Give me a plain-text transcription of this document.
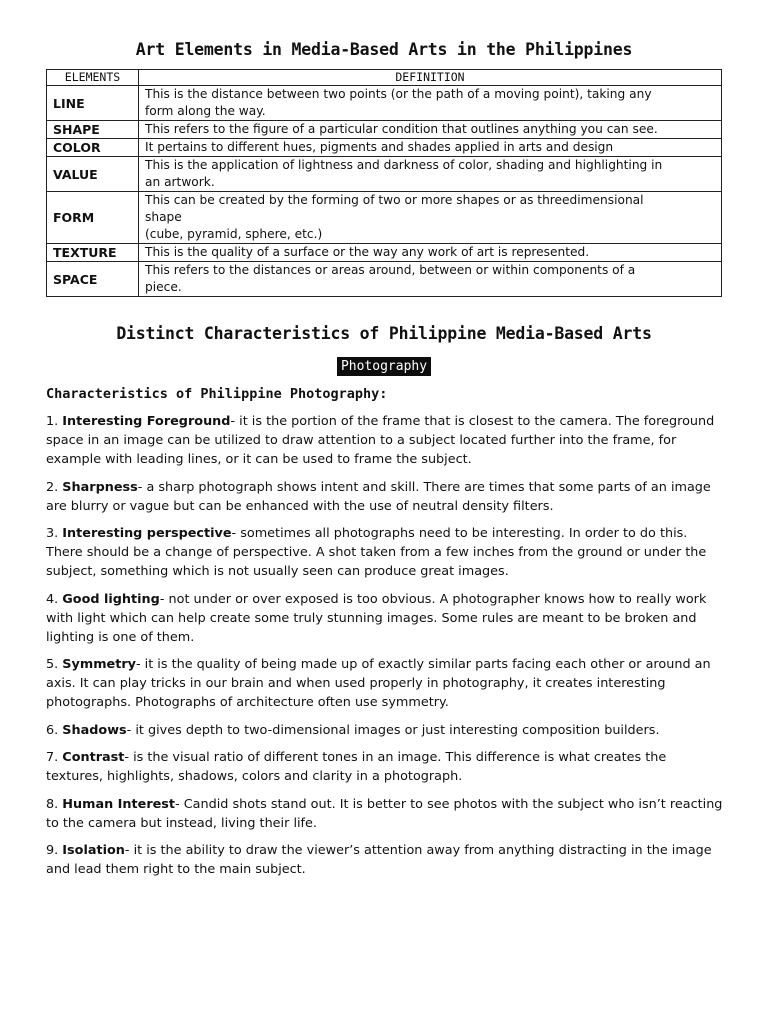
Art Elements in Media-Based Arts in the Philippines
ELEMENTS	DEFINITION
LINE	This is the distance between two points (or the path of a moving point), taking any
form along the way.
SHAPE	This refers to the figure of a particular condition that outlines anything you can see.
COLOR	It pertains to different hues, pigments and shades applied in arts and design
VALUE	This is the application of lightness and darkness of color, shading and highlighting in
an artwork.
FORM	This can be created by the forming of two or more shapes or as threedimensional
shape
(cube, pyramid, sphere, etc.)
TEXTURE	This is the quality of a surface or the way any work of art is represented.
SPACE	This refers to the distances or areas around, between or within components of a
piece.
Distinct Characteristics of Philippine Media-Based Arts
Photography
Characteristics of Philippine Photography:
1. Interesting Foreground- it is the portion of the frame that is closest to the camera. The foreground space in an image can be utilized to draw attention to a subject located further into the frame, for example with leading lines, or it can be used to frame the subject.
2. Sharpness- a sharp photograph shows intent and skill. There are times that some parts of an image are blurry or vague but can be enhanced with the use of neutral density filters.
3. Interesting perspective- sometimes all photographs need to be interesting. In order to do this. There should be a change of perspective. A shot taken from a few inches from the ground or under the subject, something which is not usually seen can produce great images.
4. Good lighting- not under or over exposed is too obvious. A photographer knows how to really work with light which can help create some truly stunning images. Some rules are meant to be broken and lighting is one of them.
5. Symmetry- it is the quality of being made up of exactly similar parts facing each other or around an axis. It can play tricks in our brain and when used properly in photography, it creates interesting photographs. Photographs of architecture often use symmetry.
6. Shadows- it gives depth to two-dimensional images or just interesting composition builders.
7. Contrast- is the visual ratio of different tones in an image. This difference is what creates the textures, highlights, shadows, colors and clarity in a photograph.
8. Human Interest- Candid shots stand out. It is better to see photos with the subject who isn’t reacting to the camera but instead, living their life.
9. Isolation- it is the ability to draw the viewer’s attention away from anything distracting in the image and lead them right to the main subject.
